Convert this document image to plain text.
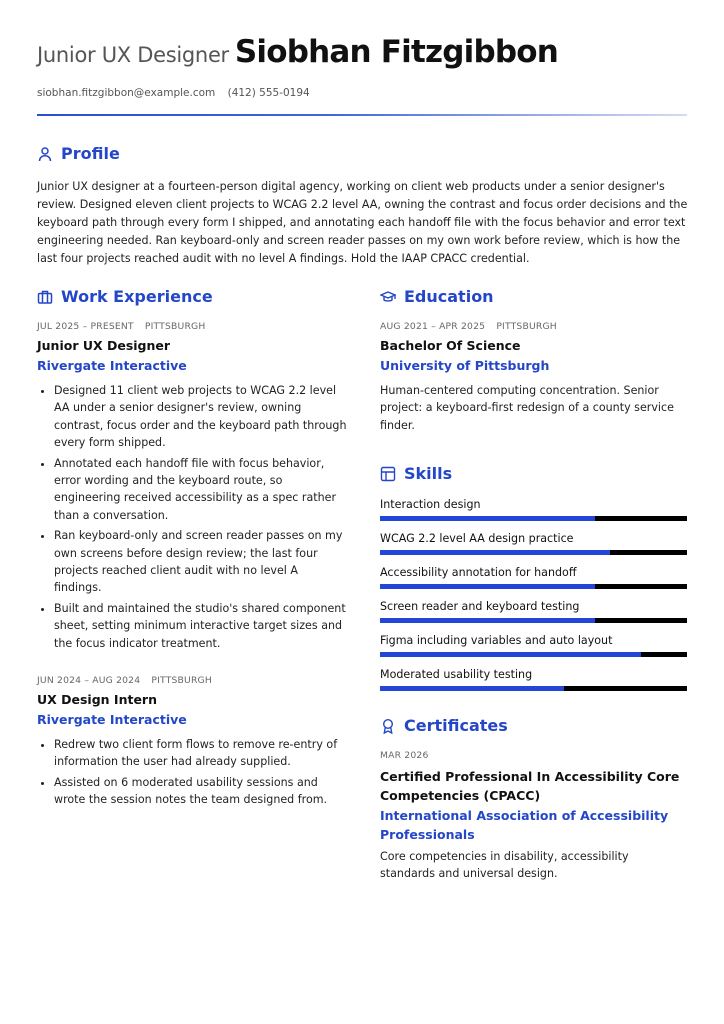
Junior UX Designer Siobhan Fitzgibbon
siobhan.fitzgibbon@example.com (412) 555-0194
Profile
Junior UX designer at a fourteen-person digital agency, working on client web products under a senior designer's review. Designed eleven client projects to WCAG 2.2 level AA, owning the contrast and focus order decisions and the keyboard path through every form I shipped, and annotating each handoff file with the focus behavior and error text engineering needed. Ran keyboard-only and screen reader passes on my own work before review, which is how the last four projects reached audit with no level A findings. Hold the IAAP CPACC credential.
Work Experience
JUL 2025 – PRESENT PITTSBURGH
Junior UX Designer
Rivergate Interactive
• Designed 11 client web projects to WCAG 2.2 level AA under a senior designer's review, owning contrast, focus order and the keyboard path through every form shipped.
• Annotated each handoff file with focus behavior, error wording and the keyboard route, so engineering received accessibility as a spec rather than a conversation.
• Ran keyboard-only and screen reader passes on my own screens before design review; the last four projects reached client audit with no level A findings.
• Built and maintained the studio's shared component sheet, setting minimum interactive target sizes and the focus indicator treatment.
JUN 2024 – AUG 2024 PITTSBURGH
UX Design Intern
Rivergate Interactive
• Redrew two client form flows to remove re-entry of information the user had already supplied.
• Assisted on 6 moderated usability sessions and wrote the session notes the team designed from.
Education
AUG 2021 – APR 2025 PITTSBURGH
Bachelor Of Science
University of Pittsburgh
Human-centered computing concentration. Senior project: a keyboard-first redesign of a county service finder.
Skills
Interaction design
WCAG 2.2 level AA design practice
Accessibility annotation for handoff
Screen reader and keyboard testing
Figma including variables and auto layout
Moderated usability testing
Certificates
MAR 2026
Certified Professional In Accessibility Core Competencies (CPACC)
International Association of Accessibility Professionals
Core competencies in disability, accessibility standards and universal design.
